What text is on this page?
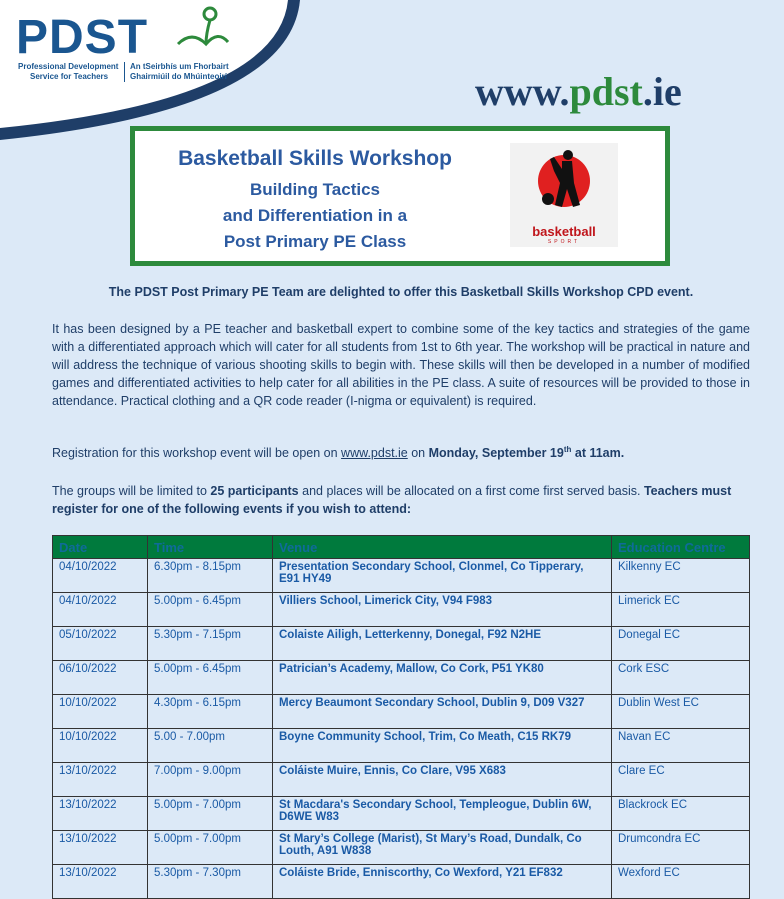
PDST
Professional Development
Service for Teachers
An tSeirbhís um Fhorbairt
Ghairmiúil do Mhúinteoirí	www.pdst.ie
Basketball Skills Workshop
Building Tactics
and Differentiation in a
Post Primary PE Class
basketball
SPORT
The PDST Post Primary PE Team are delighted to offer this Basketball Skills Workshop CPD event.
It has been designed by a PE teacher and basketball expert to combine some of the key tactics and strategies of the game with a differentiated approach which will cater for all students from 1st to 6th year. The workshop will be practical in nature and will address the technique of various shooting skills to begin with. These skills will then be developed in a number of modified games and differentiated activities to help cater for all abilities in the PE class. A suite of resources will be provided to those in attendance. Practical clothing and a QR code reader (I-nigma or equivalent) is required.
Registration for this workshop event will be open on www.pdst.ie on Monday, September 19th at 11am.
The groups will be limited to 25 participants and places will be allocated on a first come first served basis. Teachers must register for one of the following events if you wish to attend:
Date	Time	Venue	Education Centre
04/10/2022	6.30pm - 8.15pm	Presentation Secondary School, Clonmel, Co Tipperary, E91 HY49	Kilkenny EC
04/10/2022	5.00pm - 6.45pm	Villiers School, Limerick City, V94 F983	Limerick EC
05/10/2022	5.30pm - 7.15pm	Colaiste Ailigh, Letterkenny, Donegal, F92 N2HE	Donegal EC
06/10/2022	5.00pm - 6.45pm	Patrician’s Academy, Mallow, Co Cork, P51 YK80	Cork ESC
10/10/2022	4.30pm - 6.15pm	Mercy Beaumont Secondary School, Dublin 9, D09 V327	Dublin West EC
10/10/2022	5.00 - 7.00pm	Boyne Community School, Trim, Co Meath, C15 RK79	Navan EC
13/10/2022	7.00pm - 9.00pm	Coláiste Muire, Ennis, Co Clare, V95 X683	Clare EC
13/10/2022	5.00pm - 7.00pm	St Macdara's Secondary School, Templeogue, Dublin 6W, D6WE W83	Blackrock EC
13/10/2022	5.00pm - 7.00pm	St Mary’s College (Marist), St Mary’s Road, Dundalk, Co Louth, A91 W838	Drumcondra EC
13/10/2022	5.30pm - 7.30pm	Coláiste Bride, Enniscorthy, Co Wexford, Y21 EF832	Wexford EC
